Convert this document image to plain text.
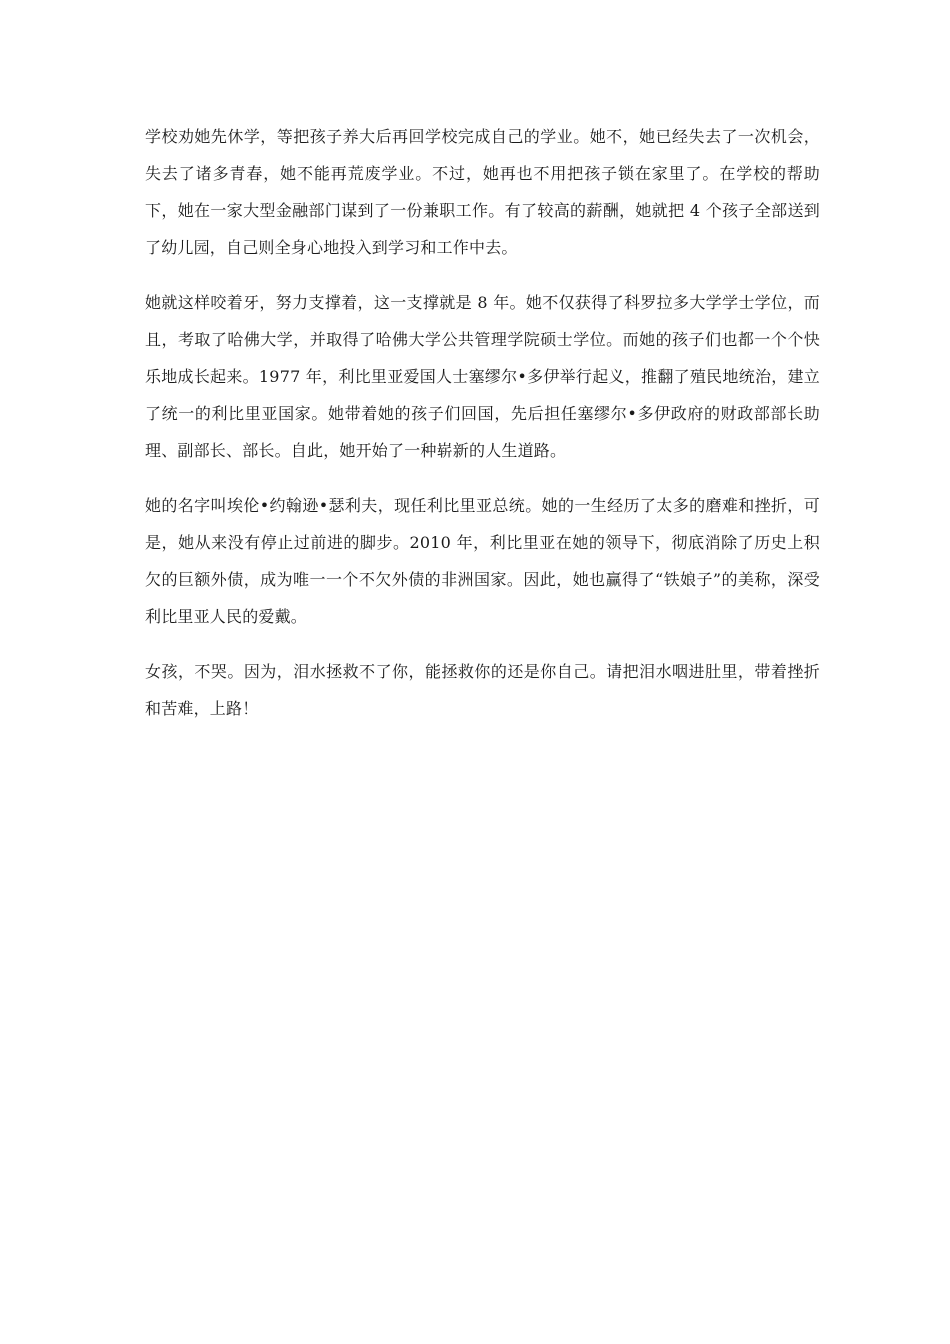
学校劝她先休学，等把孩子养大后再回学校完成自己的学业。她不，她已经失去了一次机会，失去了诸多青春，她不能再荒废学业。不过，她再也不用把孩子锁在家里了。在学校的帮助下，她在一家大型金融部门谋到了一份兼职工作。有了较高的薪酬，她就把 4 个孩子全部送到了幼儿园，自己则全身心地投入到学习和工作中去。

她就这样咬着牙，努力支撑着，这一支撑就是 8 年。她不仅获得了科罗拉多大学学士学位，而且，考取了哈佛大学，并取得了哈佛大学公共管理学院硕士学位。而她的孩子们也都一个个快乐地成长起来。1977 年，利比里亚爱国人士塞缪尔•多伊举行起义，推翻了殖民地统治，建立了统一的利比里亚国家。她带着她的孩子们回国，先后担任塞缪尔•多伊政府的财政部部长助理、副部长、部长。自此，她开始了一种崭新的人生道路。

她的名字叫埃伦•约翰逊•瑟利夫，现任利比里亚总统。她的一生经历了太多的磨难和挫折，可是，她从来没有停止过前进的脚步。2010 年，利比里亚在她的领导下，彻底消除了历史上积欠的巨额外债，成为唯一一个不欠外债的非洲国家。因此，她也赢得了“铁娘子”的美称，深受利比里亚人民的爱戴。

女孩，不哭。因为，泪水拯救不了你，能拯救你的还是你自己。请把泪水咽进肚里，带着挫折和苦难，上路！
